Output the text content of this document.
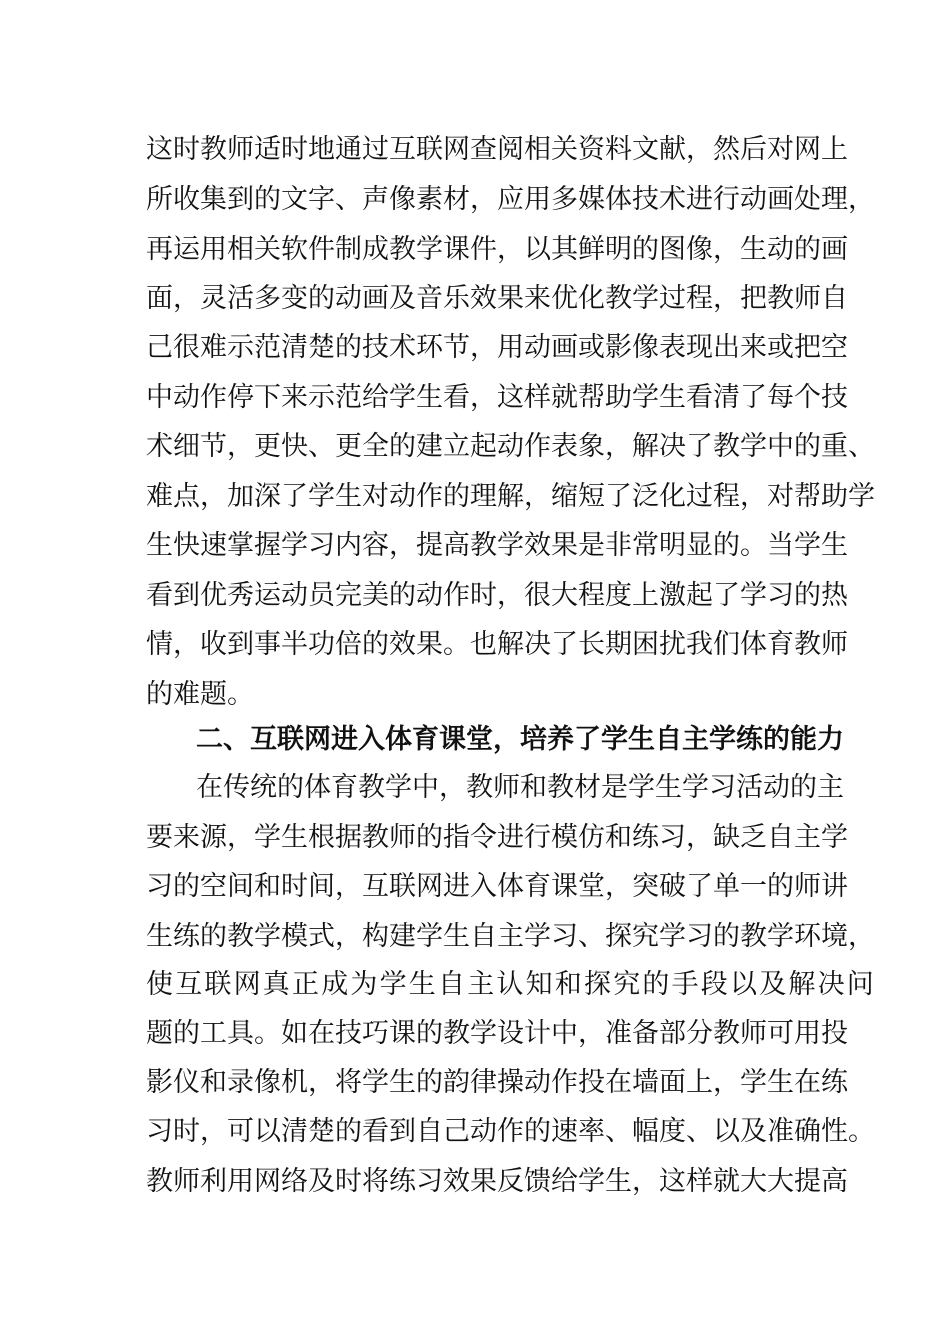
这时教师适时地通过互联网查阅相关资料文献，然后对网上
所收集到的文字、声像素材，应用多媒体技术进行动画处理，
再运用相关软件制成教学课件，以其鲜明的图像，生动的画
面，灵活多变的动画及音乐效果来优化教学过程，把教师自
己很难示范清楚的技术环节，用动画或影像表现出来或把空
中动作停下来示范给学生看，这样就帮助学生看清了每个技
术细节，更快、更全的建立起动作表象，解决了教学中的重、
难点，加深了学生对动作的理解，缩短了泛化过程，对帮助学
生快速掌握学习内容，提高教学效果是非常明显的。当学生
看到优秀运动员完美的动作时，很大程度上激起了学习的热
情，收到事半功倍的效果。也解决了长期困扰我们体育教师
的难题。
二、互联网进入体育课堂，培养了学生自主学练的能力
在传统的体育教学中，教师和教材是学生学习活动的主
要来源，学生根据教师的指令进行模仿和练习，缺乏自主学
习的空间和时间，互联网进入体育课堂，突破了单一的师讲
生练的教学模式，构建学生自主学习、探究学习的教学环境，
使互联网真正成为学生自主认知和探究的手段以及解决问
题的工具。如在技巧课的教学设计中，准备部分教师可用投
影仪和录像机，将学生的韵律操动作投在墙面上，学生在练
习时，可以清楚的看到自己动作的速率、幅度、以及准确性。
教师利用网络及时将练习效果反馈给学生，这样就大大提高
